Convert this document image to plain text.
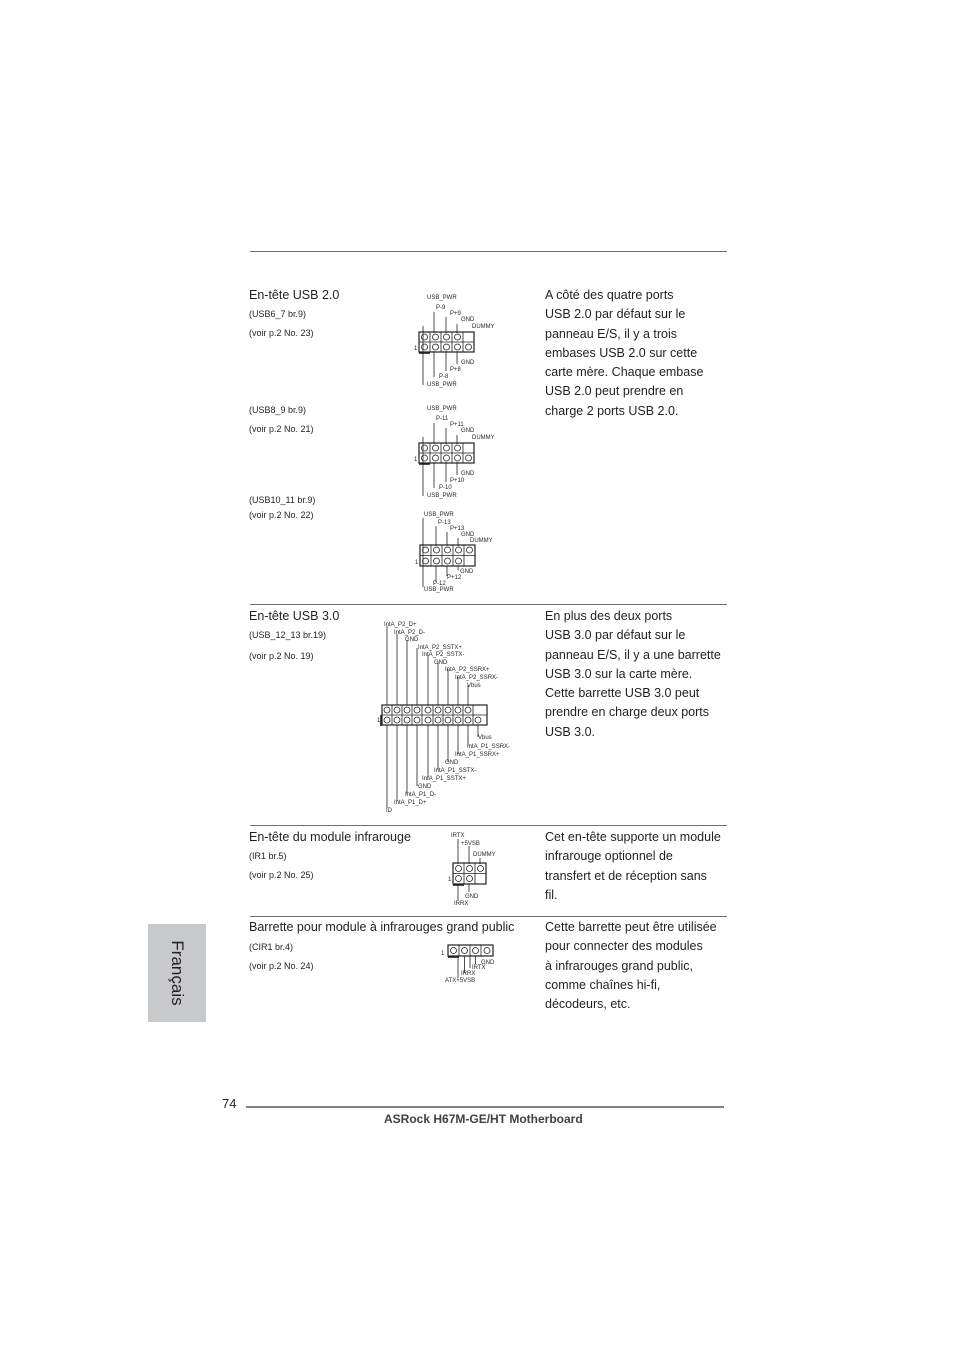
En-tête USB 2.0
(USB6_7 br.9)
(voir p.2 No. 23)
(USB8_9 br.9)
(voir p.2 No. 21)
(USB10_11 br.9)
(voir p.2 No. 22)
USB_PWR
P-9
P+9
GND
DUMMY
1
GND
P+8
P-8
USB_PWR
USB_PWR
P-11
P+11
GND
DUMMY
1
GND
P+10
P-10
USB_PWR
USB_PWR
P-13
P+13
GND
DUMMY
1
GND
P+12
P-12
USB_PWR
A côté des quatre ports
USB 2.0 par défaut sur le
panneau E/S, il y a trois
embases USB 2.0 sur cette
carte mère. Chaque embase
USB 2.0 peut prendre en
charge 2 ports USB 2.0.
En-tête USB 3.0
(USB_12_13 br.19)
(voir p.2 No. 19)
IntA_P2_D+
IntA_P2_D-
GND
IntA_P2_SSTX+
IntA_P2_SSTX-
GND
IntA_P2_SSRX+
IntA_P2_SSRX-
Vbus
1
Vbus
IntA_P1_SSRX-
IntA_P1_SSRX+
GND
IntA_P1_SSTX-
IntA_P1_SSTX+
GND
IntA_P1_D-
IntA_P1_D+
ID
En plus des deux ports
USB 3.0 par défaut sur le
panneau E/S, il y a une barrette
USB 3.0 sur la carte mère.
Cette barrette USB 3.0 peut
prendre en charge deux ports
USB 3.0.
En-tête du module infrarouge
(IR1 br.5)
(voir p.2 No. 25)
IRTX
+5VSB
DUMMY
1
GND
IRRX
Cet en-tête supporte un module
infrarouge optionnel de
transfert et de réception sans
fil.
Barrette pour module à infrarouges grand public
(CIR1 br.4)
(voir p.2 No. 24)
1
GND
IRTX
IRRX
ATX+5VSB
Cette barrette peut être utilisée
pour connecter des modules
à infrarouges grand public,
comme chaînes hi-fi,
décodeurs, etc.
Français
74
ASRock H67M-GE/HT Motherboard
